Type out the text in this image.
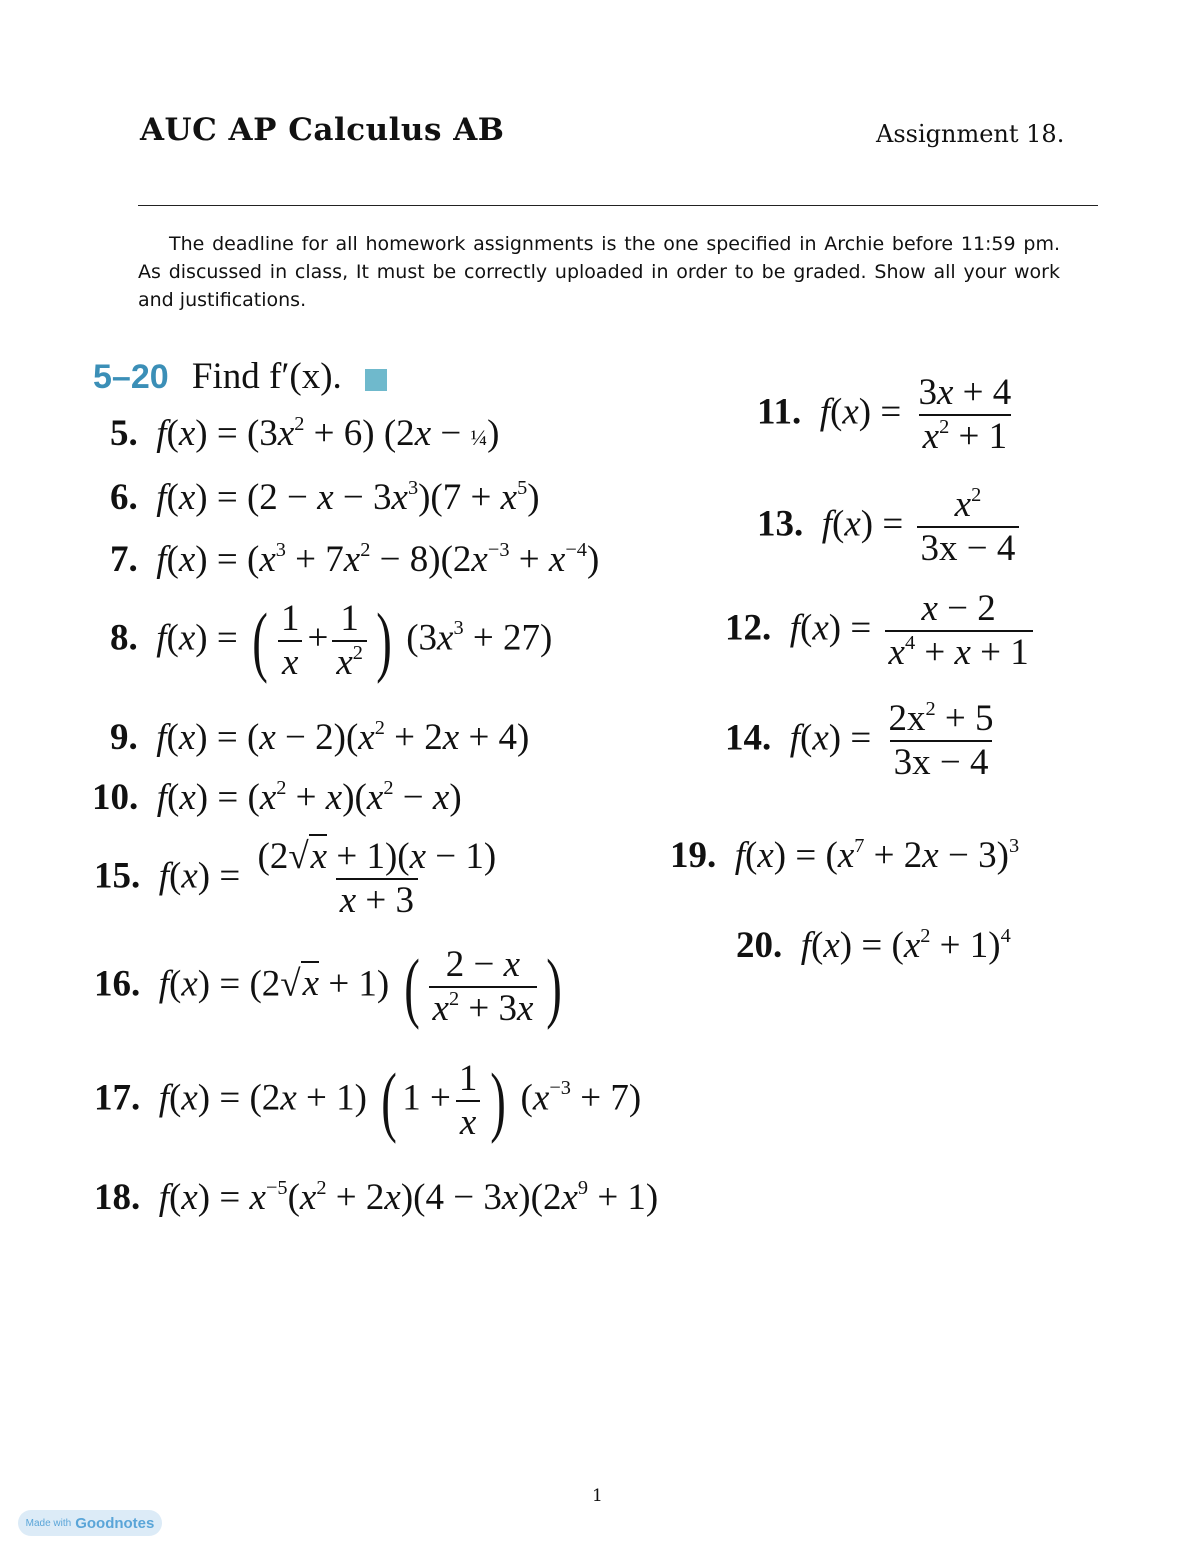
AUC AP Calculus AB	Assignment 18.
The deadline for all homework assignments is the one specified in Archie before 11:59 pm. As discussed in class, It must be correctly uploaded in order to be graded. Show all your work and justifications.
5–20 Find f′(x).
5.  $f(x) = (3x^2 + 6) (2x$ − ¼)
6.  $f(x) = (2 - x - 3x^3)(7 + x^5)$
7.  $f(x) = (x^3 + 7x^2 - 8)(2x^{-3} + x^{-4})$
8.  f(x) = ( $\frac{1}{x} + \frac{1}{x^2}$ ) $(3x^3 + 27)$
9.  $f(x) = (x - 2)(x^2 + 2x + 4)$
10.  $f(x) = (x^2 + x)(x^2 - x)$
11.  $f(x) = \frac{3x + 4}{x^2 + 1}$
13.  $f(x) = \frac{x^2}{3x - 4}$
12.  $f(x) = \frac{x - 2}{x^4 + x + 1}$
14.  $f(x) = \frac{2x^2 + 5}{3x - 4}$
15.  $f(x) = \frac{(2√x + 1)(x - 1)}{x + 3}$
16.  f(x) = (2√x + 1) ( $\frac{2 - x}{x^2 + 3x}$ )
17.  f(x) = (2x + 1) ( $1 + \frac{1}{x}$ ) $(x^{-3} + 7)$
18.  $f(x) = x^{-5}(x^2 + 2x)(4 - 3x)(2x^9 + 1)$
19.  $f(x) = (x^7 + 2x - 3)^3$
20.  $f(x) = (x^2 + 1)^4$
1
Made with Goodnotes
